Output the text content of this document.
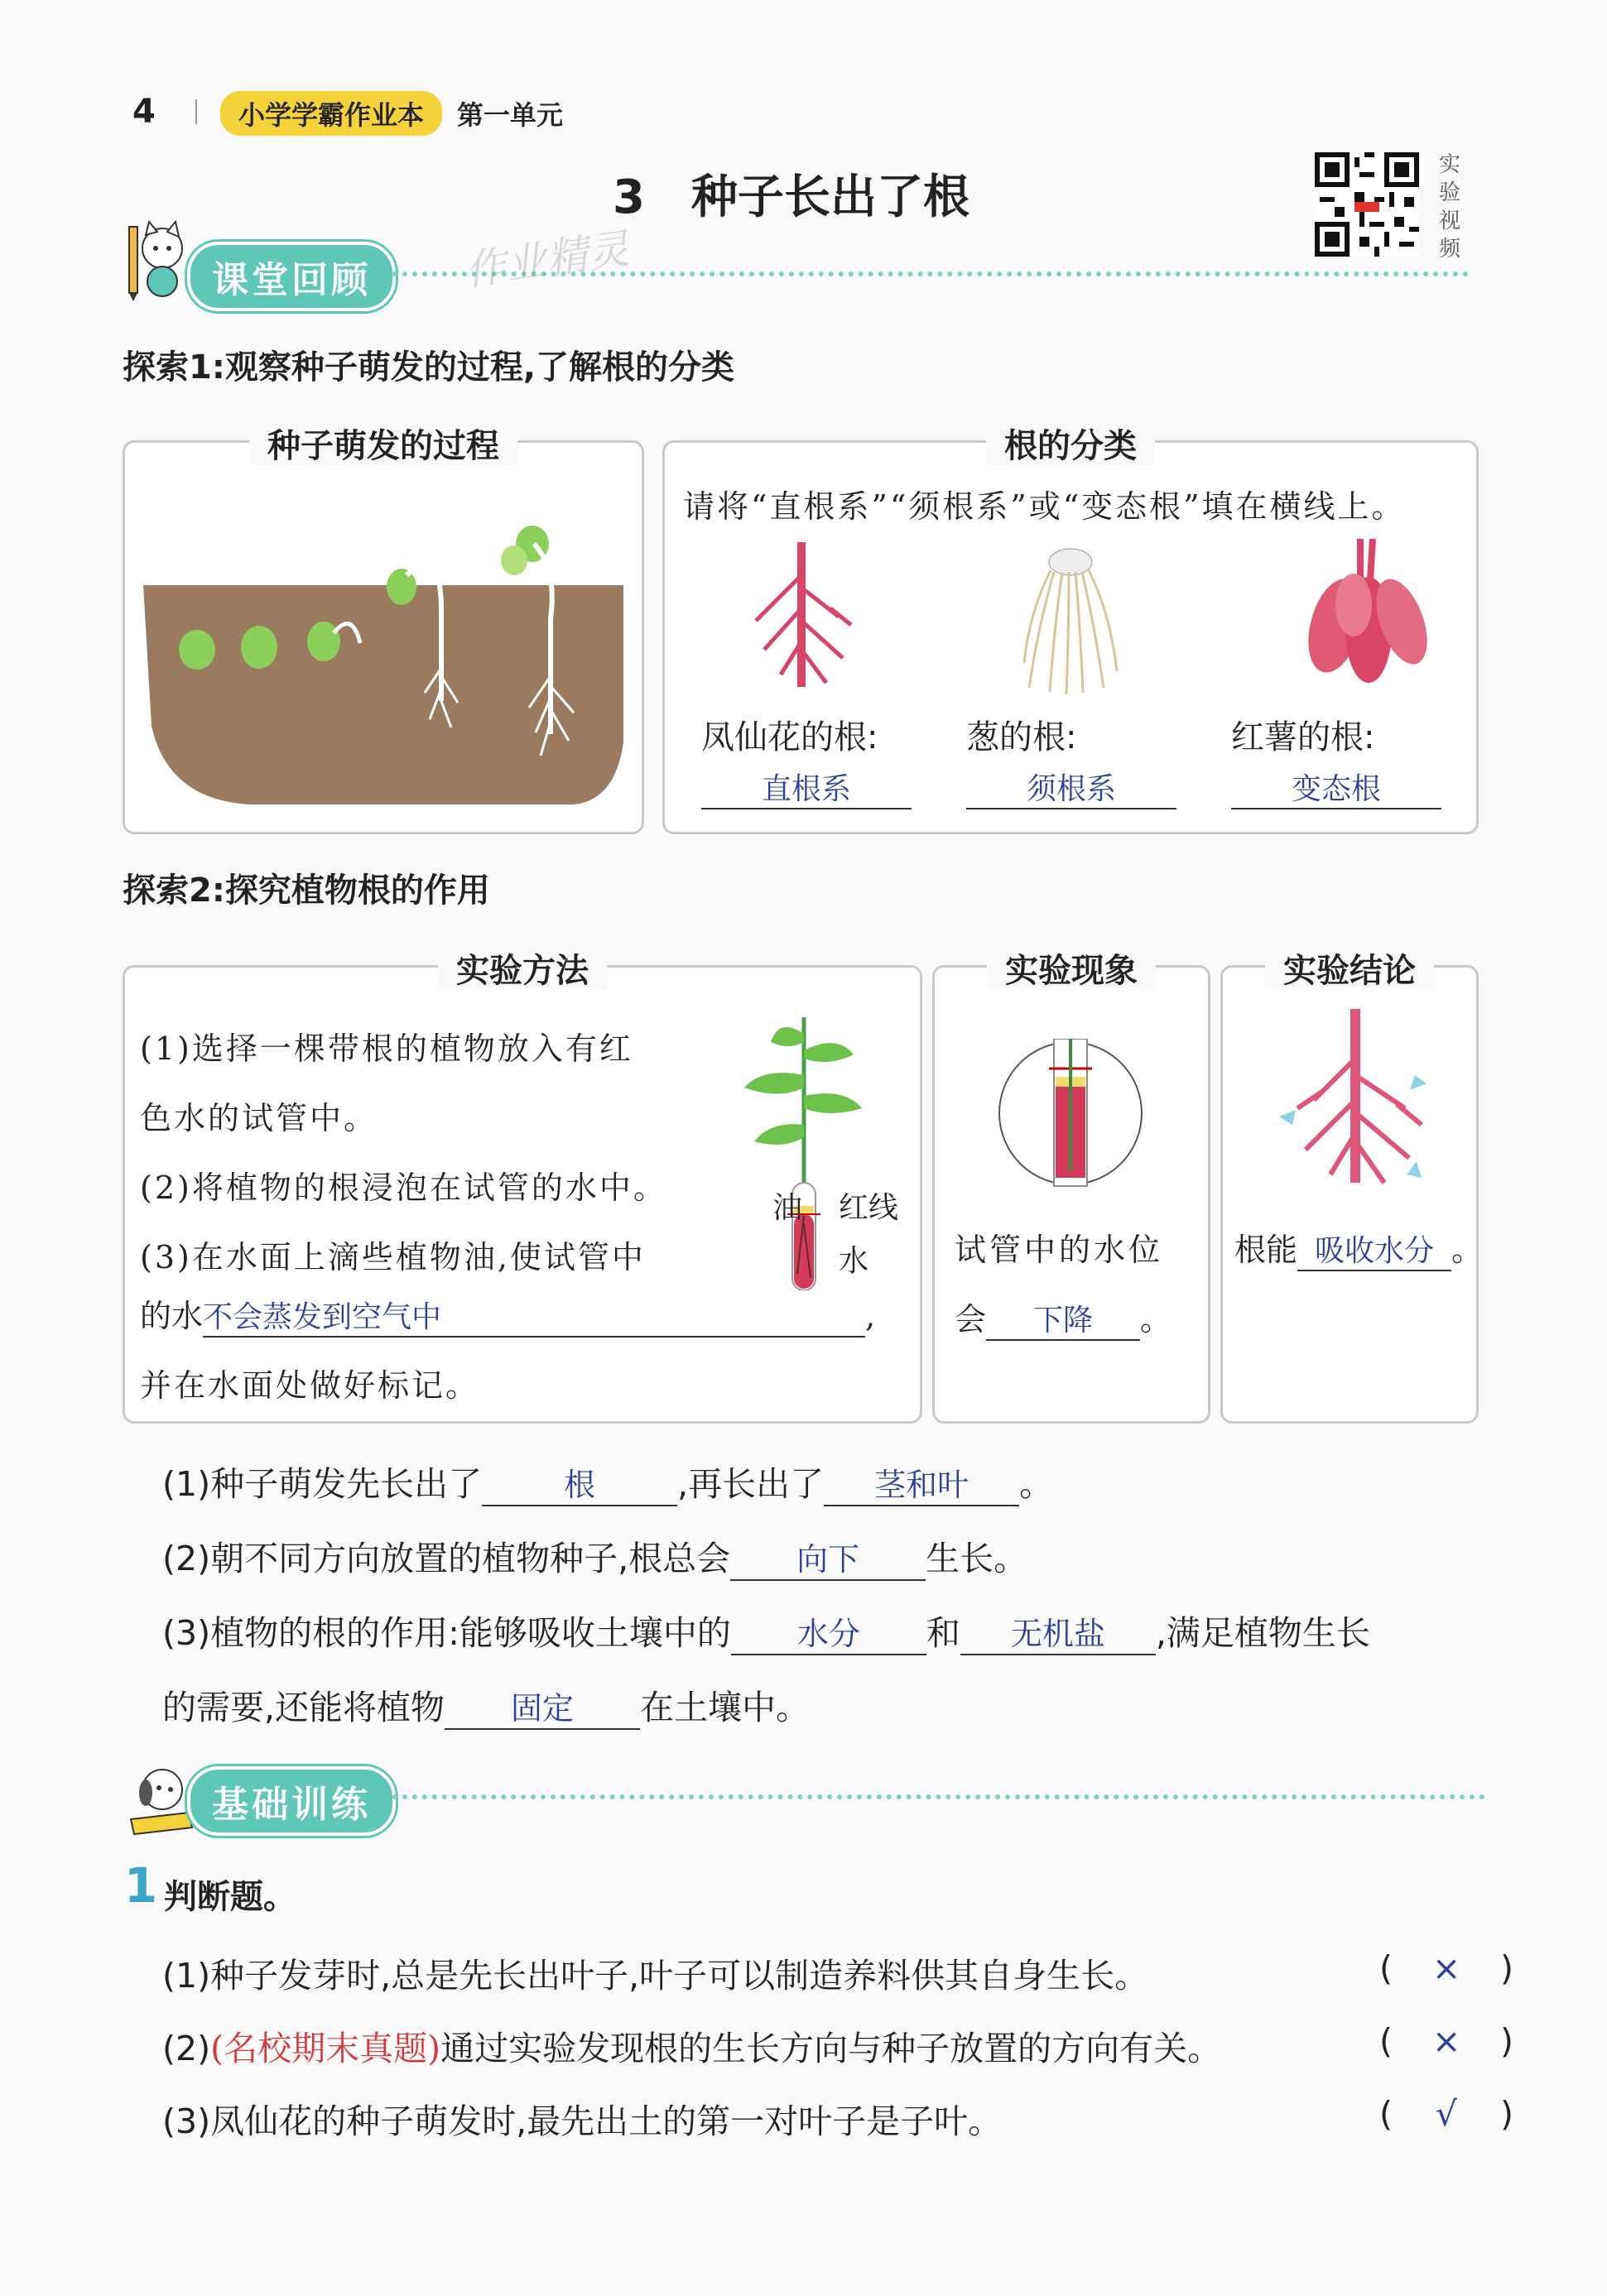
4	小学学霸作业本	第一单元
3　种子长出了根
实
验
视
频
课堂回顾	作业精灵
探索1:观察种子萌发的过程,了解根的分类
种子萌发的过程	根的分类
请将“直根系”“须根系”或“变态根”填在横线上。
凤仙花的根:	葱的根:	红薯的根:
直根系	须根系	变态根
探索2:探究植物根的作用
实验方法
(1)选择一棵带根的植物放入有红
色水的试管中。
(2)将植物的根浸泡在试管的水中。
(3)在水面上滴些植物油,使试管中
的水不会蒸发到空气中	,
并在水面处做好标记。
油 红线
水
实验现象
试管中的水位
会 下降 。
实验结论
根能 吸收水分 。
(1)种子萌发先长出了	根 ,再长出了 茎和叶 。
(2)朝不同方向放置的植物种子,根总会 向下 生长。
(3)植物的根的作用:能够吸收土壤中的 水分 和 无机盐 ,满足植物生长
的需要,还能将植物 固定 在土壤中。
基础训练
1 判断题。
(1)种子发芽时,总是先长出叶子,叶子可以制造养料供其自身生长。	( × )
(2)(名校期末真题)通过实验发现根的生长方向与种子放置的方向有关。	( × )
(3)凤仙花的种子萌发时,最先出土的第一对叶子是子叶。	( √ )
